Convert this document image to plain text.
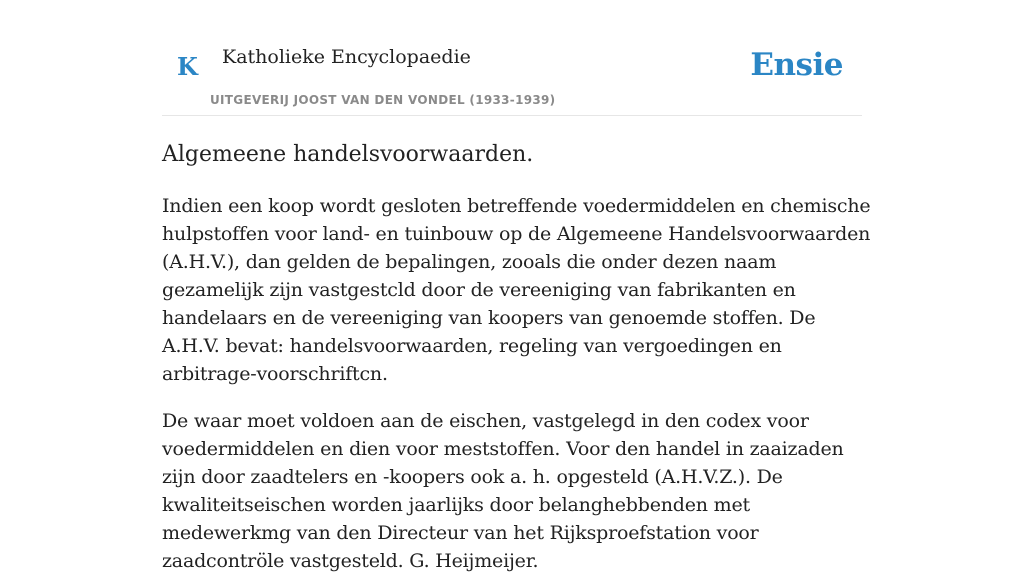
K Katholieke Encyclopaedie
UITGEVERIJ JOOST VAN DEN VONDEL (1933-1939)
Ensie
Algemeene handelsvoorwaarden.

Indien een koop wordt gesloten betreffende voedermiddelen en chemische hulpstoffen voor land- en tuinbouw op de Algemeene Handelsvoorwaarden (A.H.V.), dan gelden de bepalingen, zooals die onder dezen naam gezamelijk zijn vastgestcld door de vereeniging van fabrikanten en handelaars en de vereeniging van koopers van genoemde stoffen. De A.H.V. bevat: handelsvoorwaarden, regeling van vergoedingen en arbitrage-voorschriftcn.

De waar moet voldoen aan de eischen, vastgelegd in den codex voor voedermiddelen en dien voor meststoffen. Voor den handel in zaaizaden zijn door zaadtelers en -koopers ook a. h. opgesteld (A.H.V.Z.). De kwaliteitseischen worden jaarlijks door belanghebbenden met medewerkmg van den Directeur van het Rijksproefstation voor zaadcontröle vastgesteld. G. Heijmeijer.
